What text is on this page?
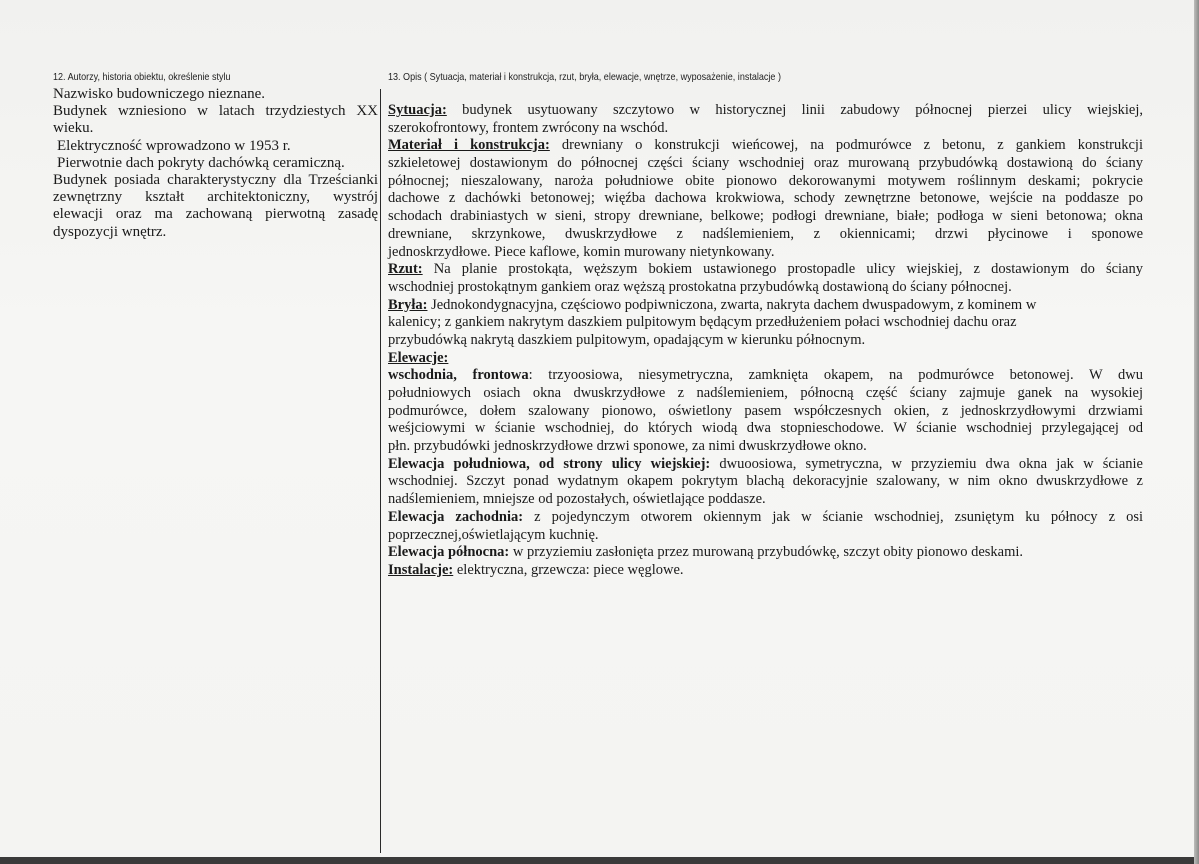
12. Autorzy, historia obiektu, określenie stylu	13. Opis ( Sytuacja, materiał i konstrukcja, rzut, bryła, elewacje, wnętrze, wyposażenie, instalacje )
Nazwisko budowniczego nieznane.
Budynek wzniesiono w latach trzydziestych XX
wieku.
Elektryczność wprowadzono w 1953 r.
Pierwotnie dach pokryty dachówką ceramiczną.
Budynek posiada charakterystyczny dla Trześcianki
zewnętrzny kształt architektoniczny, wystrój
elewacji oraz ma zachowaną pierwotną zasadę
dyspozycji wnętrz.
Sytuacja: budynek usytuowany szczytowo w historycznej linii zabudowy północnej pierzei ulicy wiejskiej,
szerokofrontowy, frontem zwrócony na wschód.
Materiał i konstrukcja: drewniany o konstrukcji wieńcowej, na podmurówce z betonu, z gankiem konstrukcji
szkieletowej dostawionym do północnej części ściany wschodniej oraz murowaną przybudówką dostawioną do ściany
północnej; nieszalowany, naroża południowe obite pionowo dekorowanymi motywem roślinnym deskami; pokrycie
dachowe z dachówki betonowej; więźba dachowa krokwiowa, schody zewnętrzne betonowe, wejście na poddasze po
schodach drabiniastych w sieni, stropy drewniane, belkowe; podłogi drewniane, białe; podłoga w sieni betonowa; okna
drewniane, skrzynkowe, dwuskrzydłowe z nadślemieniem, z okiennicami; drzwi płycinowe i sponowe
jednoskrzydłowe. Piece kaflowe, komin murowany nietynkowany.
Rzut: Na planie prostokąta, węższym bokiem ustawionego prostopadle ulicy wiejskiej, z dostawionym do ściany
wschodniej prostokątnym gankiem oraz węższą prostokatna przybudówką dostawioną do ściany północnej.
Bryła: Jednokondygnacyjna, częściowo podpiwniczona, zwarta, nakryta dachem dwuspadowym, z kominem w
kalenicy; z gankiem nakrytym daszkiem pulpitowym będącym przedłużeniem połaci wschodniej dachu oraz
przybudówką nakrytą daszkiem pulpitowym, opadającym w kierunku północnym.
Elewacje:
wschodnia, frontowa: trzyoosiowa, niesymetryczna, zamknięta okapem, na podmurówce betonowej. W dwu
południowych osiach okna dwuskrzydłowe z nadślemieniem, północną część ściany zajmuje ganek na wysokiej
podmurówce, dołem szalowany pionowo, oświetlony pasem współczesnych okien, z jednoskrzydłowymi drzwiami
weśjciowymi w ścianie wschodniej, do których wiodą dwa stopnieschodowe. W ścianie wschodniej przylegającej od
płn. przybudówki jednoskrzydłowe drzwi sponowe, za nimi dwuskrzydłowe okno.
Elewacja południowa, od strony ulicy wiejskiej: dwuoosiowa, symetryczna, w przyziemiu dwa okna jak w ścianie
wschodniej. Szczyt ponad wydatnym okapem pokrytym blachą dekoracyjnie szalowany, w nim okno dwuskrzydłowe z
nadślemieniem, mniejsze od pozostałych, oświetlające poddasze.
Elewacja zachodnia: z pojedynczym otworem okiennym jak w ścianie wschodniej, zsuniętym ku północy z osi
poprzecznej,oświetlającym kuchnię.
Elewacja północna: w przyziemiu zasłonięta przez murowaną przybudówkę, szczyt obity pionowo deskami.
Instalacje: elektryczna, grzewcza: piece węglowe.
